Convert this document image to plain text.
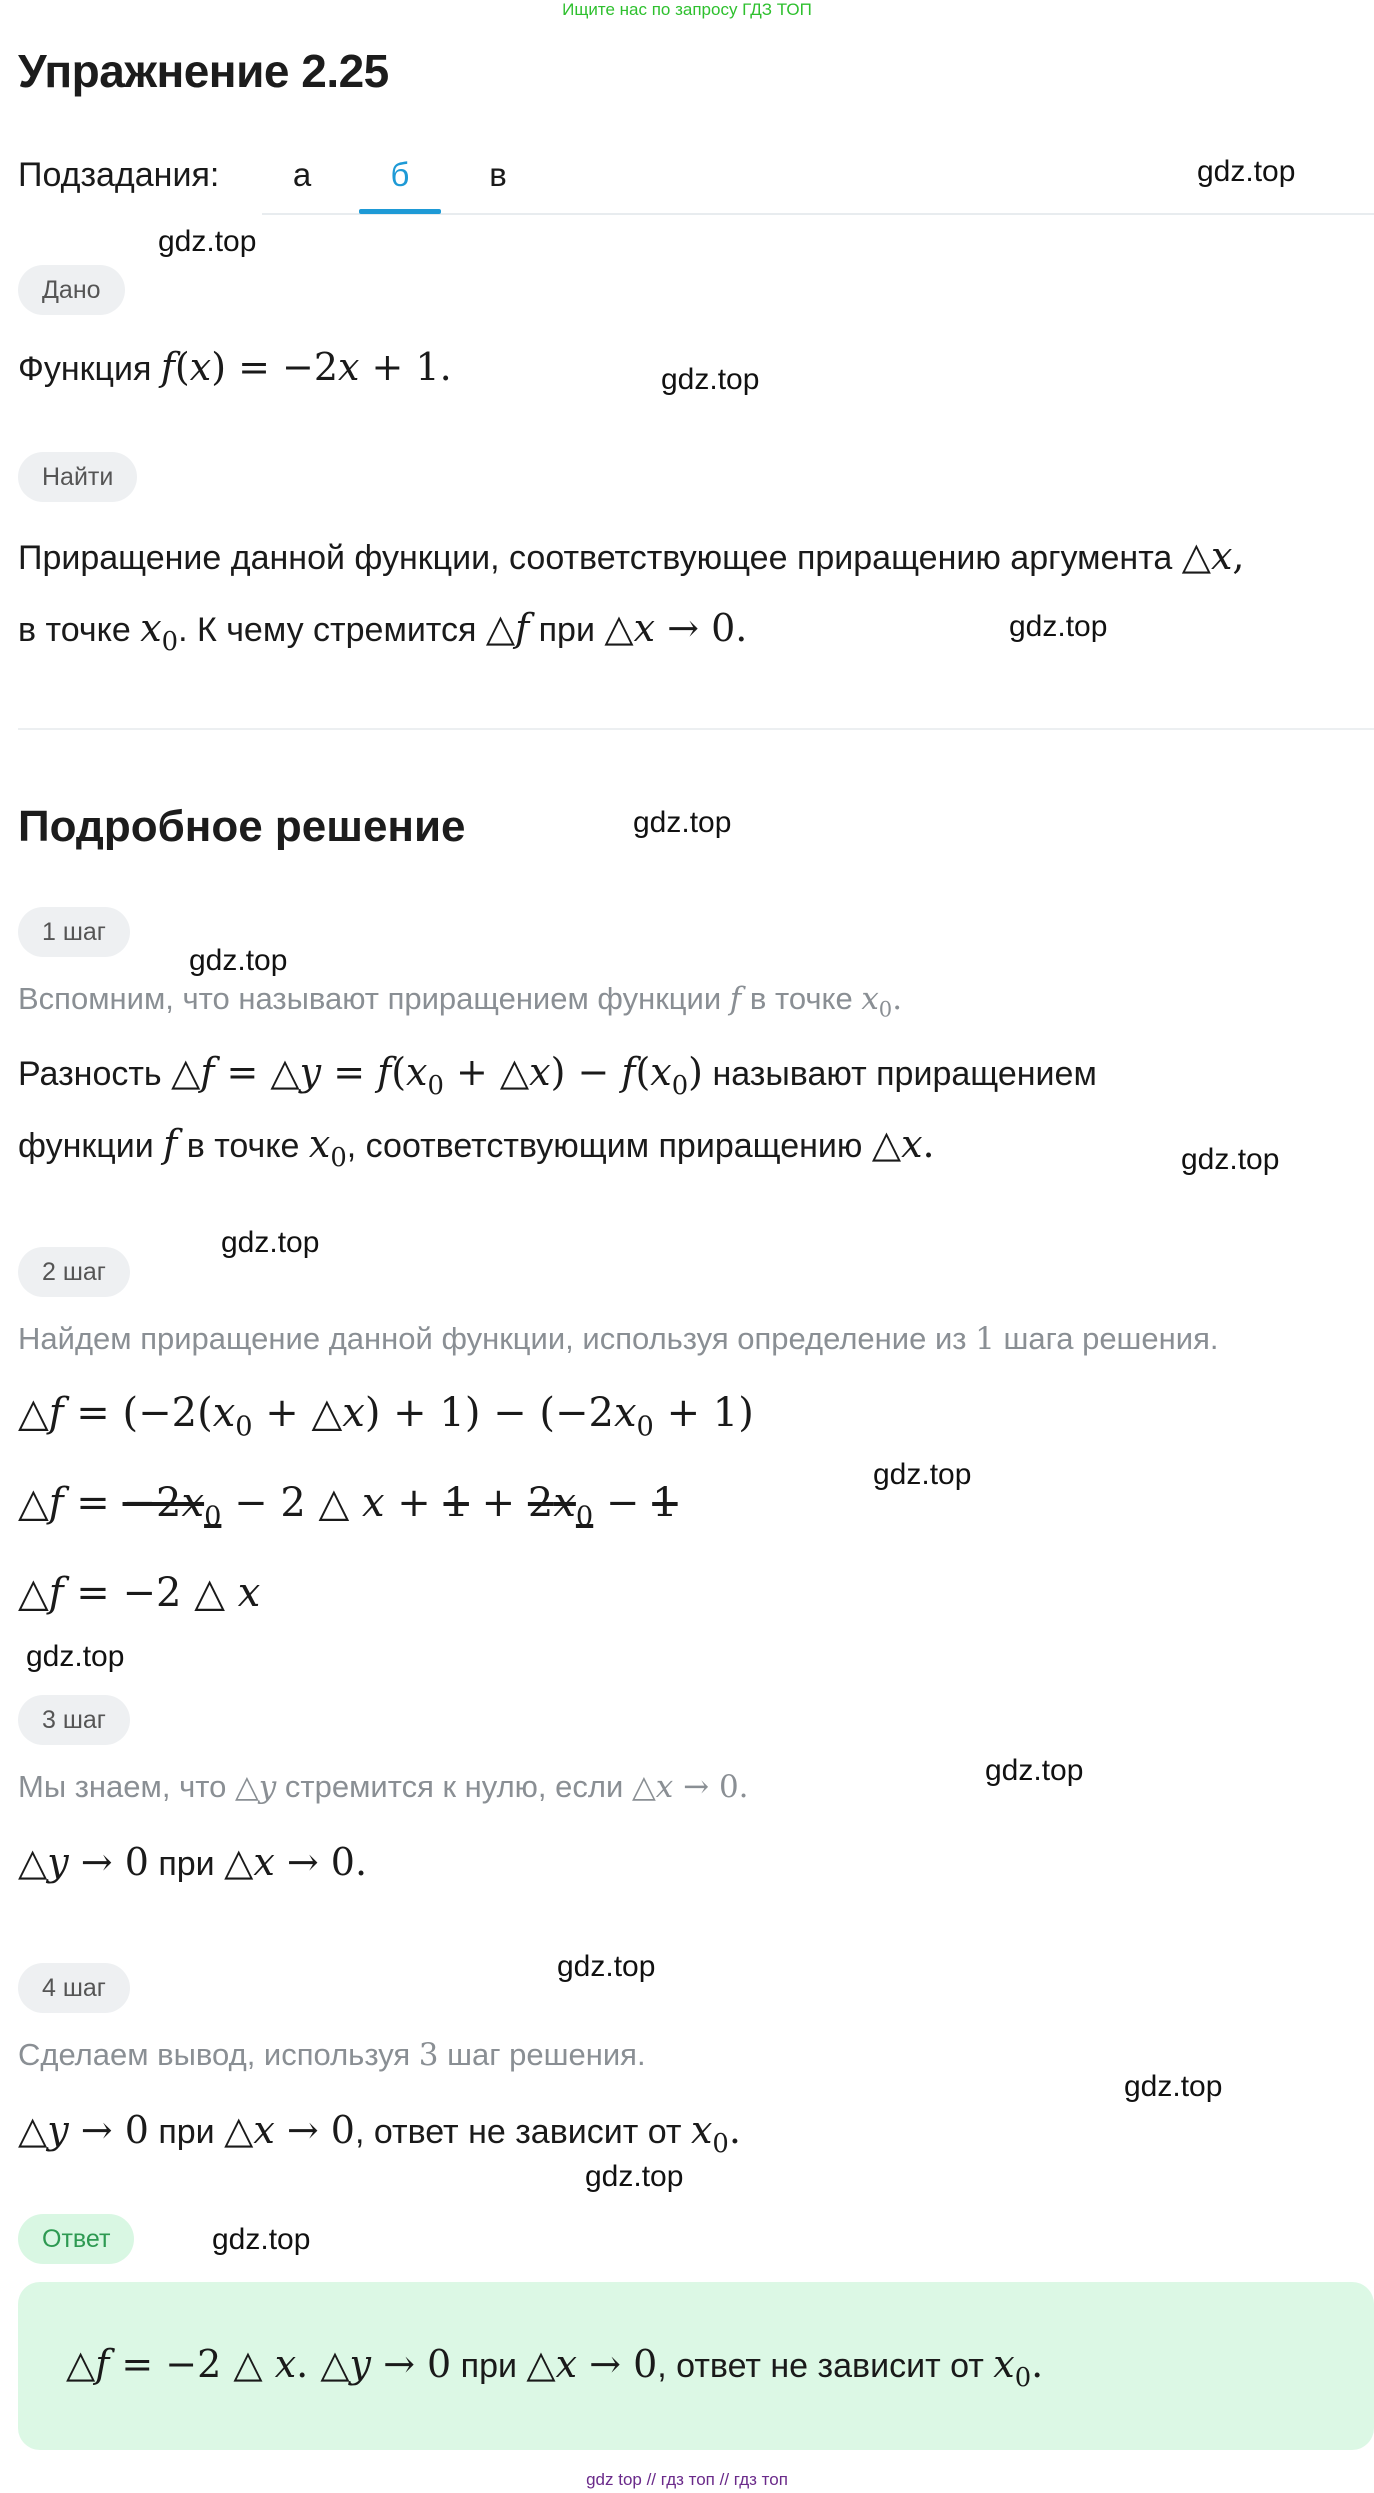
Ищите нас по запросу ГДЗ ТОП
Упражнение 2.25
Подзадания:	а	б	в	gdz.top
gdz.top
gdz.top
gdz.top
gdz.top
gdz.top
gdz.top
gdz.top
gdz.top
gdz.top
gdz.top
gdz.top
gdz.top
gdz.top
gdz.top
Дано
Функция f(x) = −2x + 1.
Найти
Приращение данной функции, соответствующее приращению аргумента △x,
в точке $x_0$. К чему стремится △f при △x → 0.
Подробное решение
1 шаг
Вспомним, что называют приращением функции f в точке $x_0$.
Разность △f = △y = $f(x_0$ + △x) − $f(x_0)$ называют приращением
функции f в точке $x_0$, соответствующим приращению △x.
2 шаг
Найдем приращение данной функции, используя определение из 1 шага решения.
△f = ($-2(x_0$ + △x) + $1) - (-2x_0 + 1)$
△f = $-2x_0 - 2$ △ $x + 1 + 2x_0 - 1$
△f = −2 △ x
3 шаг
Мы знаем, что △y стремится к нулю, если △x → 0.
△y → 0 при △x → 0.
4 шаг
Сделаем вывод, используя 3 шаг решения.
△y → 0 при △x → 0, ответ не зависит от $x_0$.
Ответ
△f = −2 △ x. △y → 0 при △x → 0, ответ не зависит от $x_0$.
gdz top // гдз топ // гдз топ
